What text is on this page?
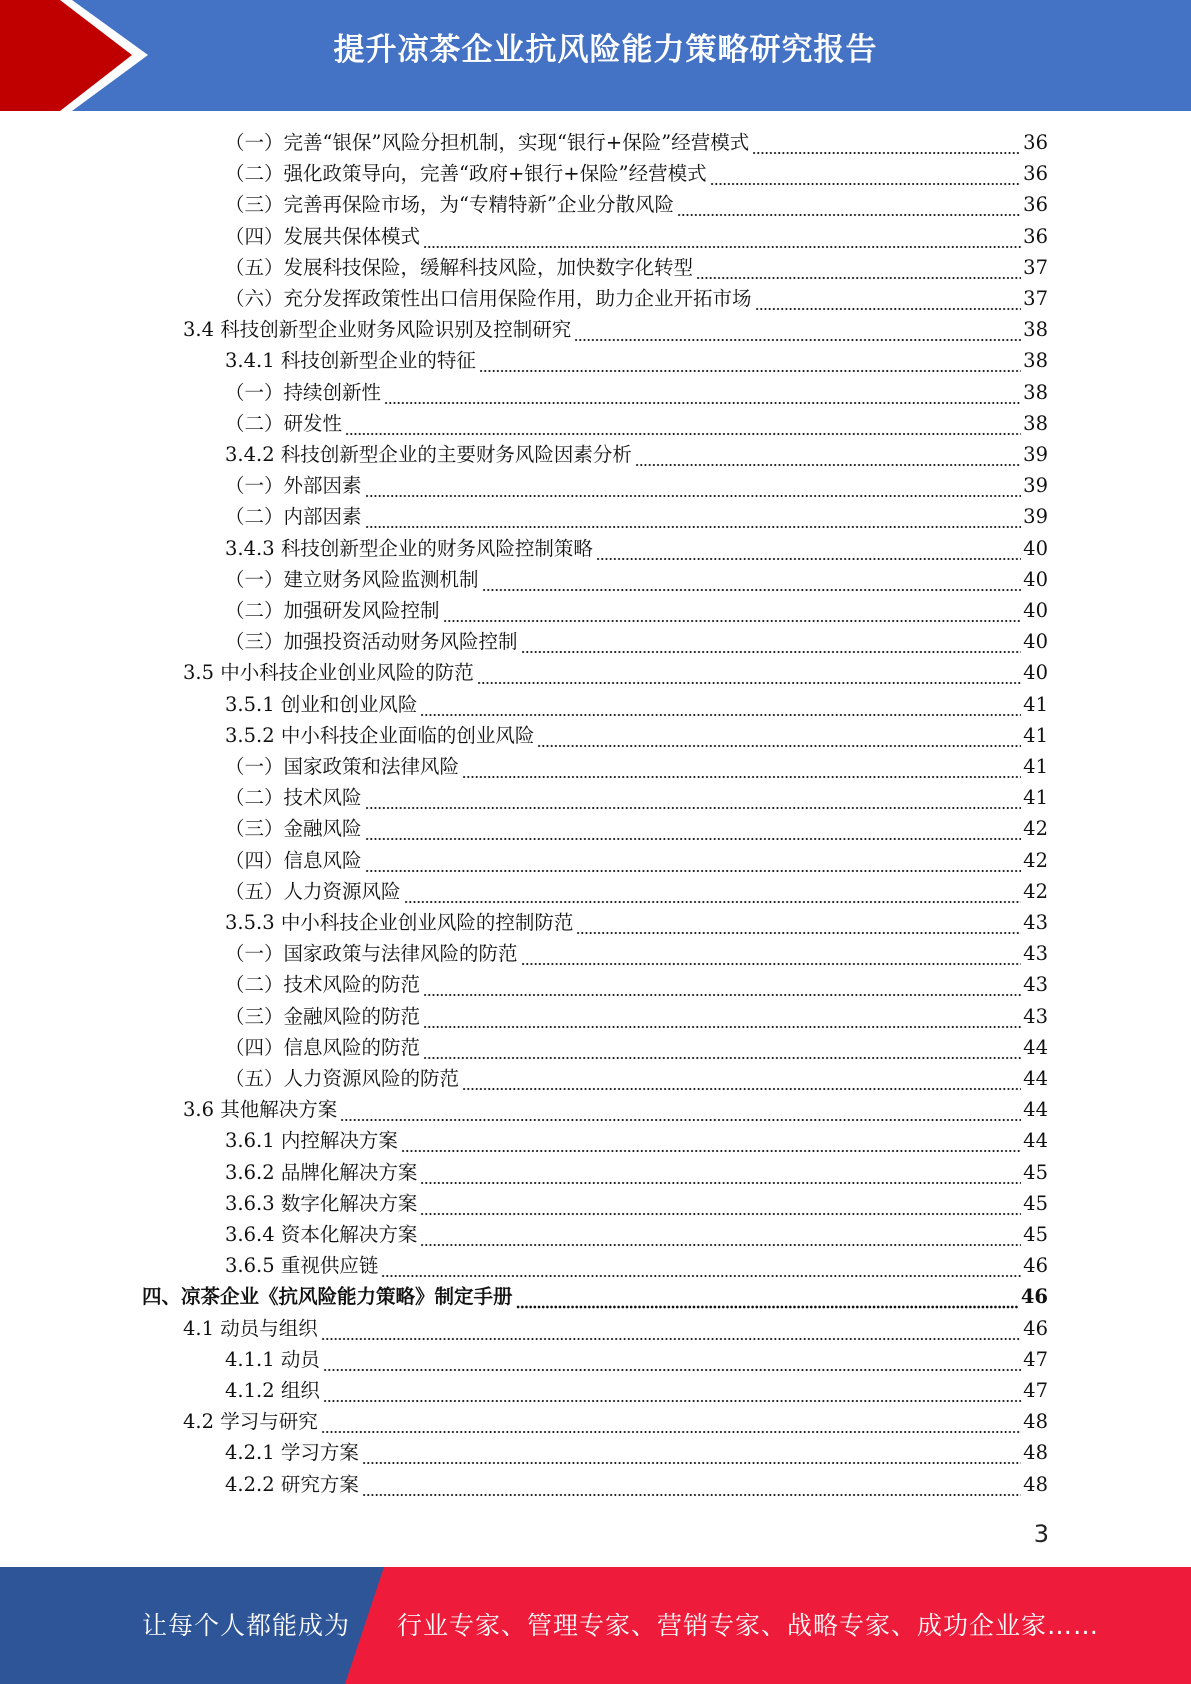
提升凉茶企业抗风险能力策略研究报告
（一）完善“银保”风险分担机制，实现“银行+保险”经营模式	36
（二）强化政策导向，完善“政府+银行+保险”经营模式	36
（三）完善再保险市场，为“专精特新”企业分散风险	36
（四）发展共保体模式	36
（五）发展科技保险，缓解科技风险，加快数字化转型	37
（六）充分发挥政策性出口信用保险作用，助力企业开拓市场	37
3.4 科技创新型企业财务风险识别及控制研究	38
3.4.1 科技创新型企业的特征	38
（一）持续创新性	38
（二）研发性	38
3.4.2 科技创新型企业的主要财务风险因素分析	39
（一）外部因素	39
（二）内部因素	39
3.4.3 科技创新型企业的财务风险控制策略	40
（一）建立财务风险监测机制	40
（二）加强研发风险控制	40
（三）加强投资活动财务风险控制	40
3.5 中小科技企业创业风险的防范	40
3.5.1 创业和创业风险	41
3.5.2 中小科技企业面临的创业风险	41
（一）国家政策和法律风险	41
（二）技术风险	41
（三）金融风险	42
（四）信息风险	42
（五）人力资源风险	42
3.5.3 中小科技企业创业风险的控制防范	43
（一）国家政策与法律风险的防范	43
（二）技术风险的防范	43
（三）金融风险的防范	43
（四）信息风险的防范	44
（五）人力资源风险的防范	44
3.6 其他解决方案	44
3.6.1 内控解决方案	44
3.6.2 品牌化解决方案	45
3.6.3 数字化解决方案	45
3.6.4 资本化解决方案	45
3.6.5 重视供应链	46
四、凉茶企业《抗风险能力策略》制定手册	46
4.1 动员与组织	46
4.1.1 动员	47
4.1.2 组织	47
4.2 学习与研究	48
4.2.1 学习方案	48
4.2.2 研究方案	48
3
让每个人都能成为 行业专家、管理专家、营销专家、战略专家、成功企业家……
